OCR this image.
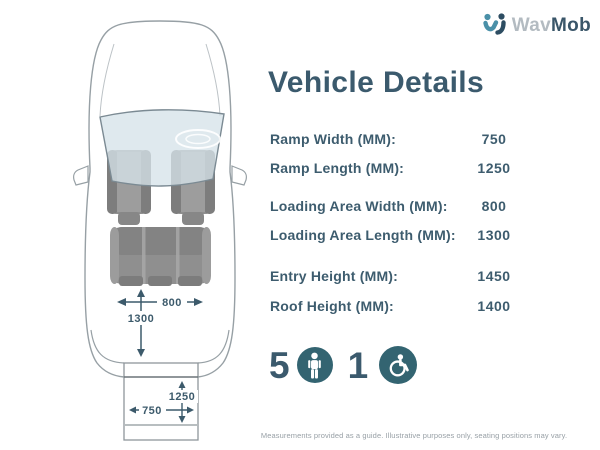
800
1300
1250
750
WavMob
Vehicle Details
Ramp Width (MM):	750
Ramp Length (MM):	1250
Loading Area Width (MM):	800
Loading Area Length (MM):	1300
Entry Height (MM):	1450
Roof Height (MM):	1400
5 1
Measurements provided as a guide. Illustrative purposes only, seating positions may vary.
